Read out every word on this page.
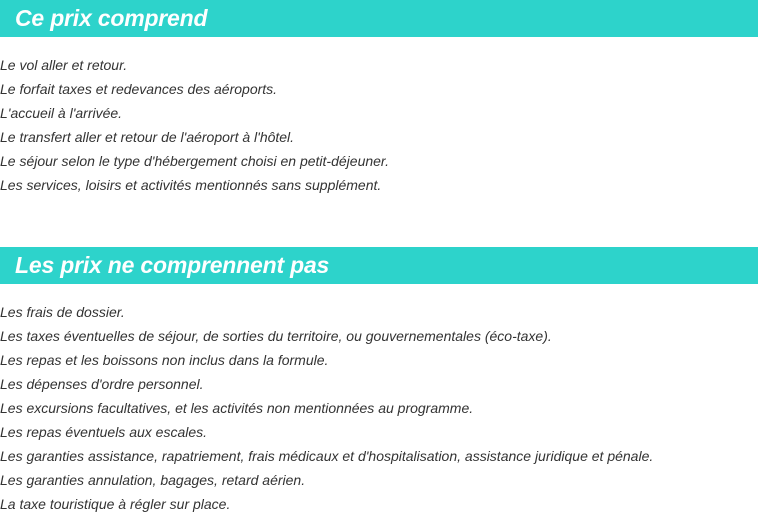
Ce prix comprend
Le vol aller et retour.
Le forfait taxes et redevances des aéroports.
L'accueil à l'arrivée.
Le transfert aller et retour de l'aéroport à l'hôtel.
Le séjour selon le type d'hébergement choisi en petit-déjeuner.
Les services, loisirs et activités mentionnés sans supplément.
Les prix ne comprennent pas
Les frais de dossier.
Les taxes éventuelles de séjour, de sorties du territoire, ou gouvernementales (éco-taxe).
Les repas et les boissons non inclus dans la formule.
Les dépenses d'ordre personnel.
Les excursions facultatives, et les activités non mentionnées au programme.
Les repas éventuels aux escales.
Les garanties assistance, rapatriement, frais médicaux et d'hospitalisation, assistance juridique et pénale.
Les garanties annulation, bagages, retard aérien.
La taxe touristique à régler sur place.
